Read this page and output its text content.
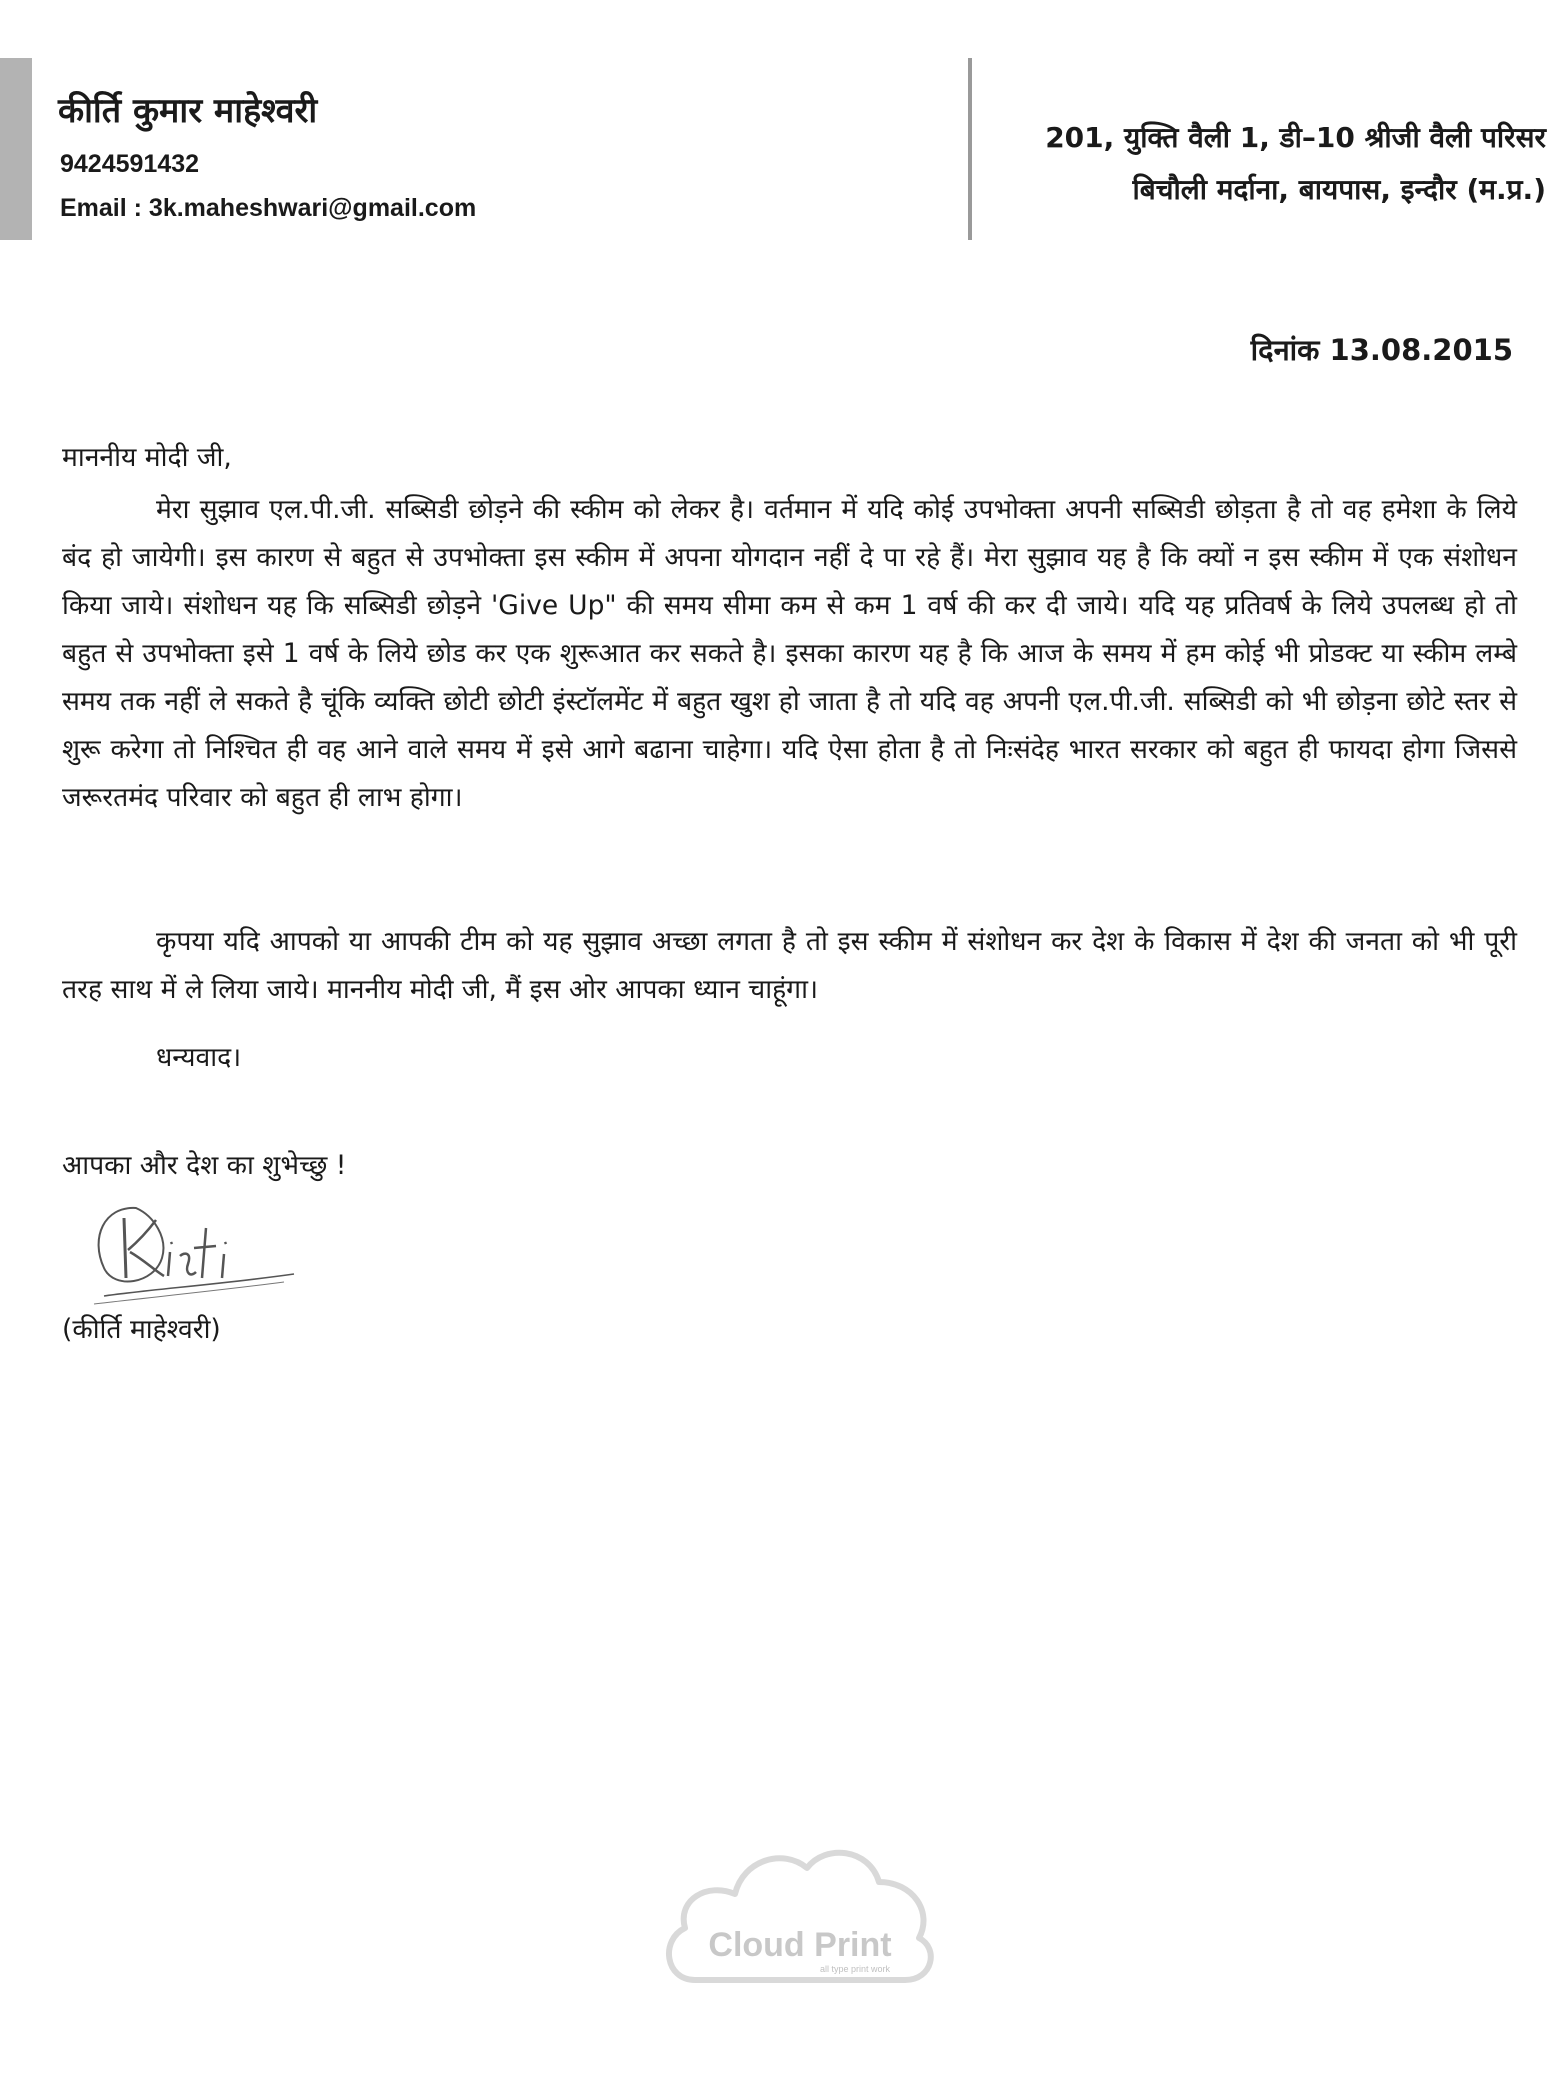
कीर्ति कुमार माहेश्वरी
9424591432
Email : 3k.maheshwari@gmail.com
201, युक्ति वैली 1, डी–10 श्रीजी वैली परिसर
बिचौली मर्दाना, बायपास, इन्दौर (म.प्र.)
दिनांक 13.08.2015

माननीय मोदी जी,

मेरा सुझाव एल.पी.जी. सब्सिडी छोड़ने की स्कीम को लेकर है। वर्तमान में यदि कोई उपभोक्ता अपनी सब्सिडी छोड़ता है तो वह हमेशा के लिये बंद हो जायेगी। इस कारण से बहुत से उपभोक्ता इस स्कीम में अपना योगदान नहीं दे पा रहे हैं। मेरा सुझाव यह है कि क्यों न इस स्कीम में एक संशोधन किया जाये। संशोधन यह कि सब्सिडी छोड़ने 'Give Up" की समय सीमा कम से कम 1 वर्ष की कर दी जाये। यदि यह प्रतिवर्ष के लिये उपलब्ध हो तो बहुत से उपभोक्ता इसे 1 वर्ष के लिये छोड कर एक शुरूआत कर सकते है। इसका कारण यह है कि आज के समय में हम कोई भी प्रोडक्ट या स्कीम लम्बे समय तक नहीं ले सकते है चूंकि व्यक्ति छोटी छोटी इंस्टॉलमेंट में बहुत खुश हो जाता है तो यदि वह अपनी एल.पी.जी. सब्सिडी को भी छोड़ना छोटे स्तर से शुरू करेगा तो निश्चित ही वह आने वाले समय में इसे आगे बढाना चाहेगा। यदि ऐसा होता है तो निःसंदेह भारत सरकार को बहुत ही फायदा होगा जिससे जरूरतमंद परिवार को बहुत ही लाभ होगा।

कृपया यदि आपको या आपकी टीम को यह सुझाव अच्छा लगता है तो इस स्कीम में संशोधन कर देश के विकास में देश की जनता को भी पूरी तरह साथ में ले लिया जाये। माननीय मोदी जी, मैं इस ओर आपका ध्यान चाहूंगा।

धन्यवाद।
आपका और देश का शुभेच्छु !
(कीर्ति माहेश्वरी)
Cloud Print
all type print work
